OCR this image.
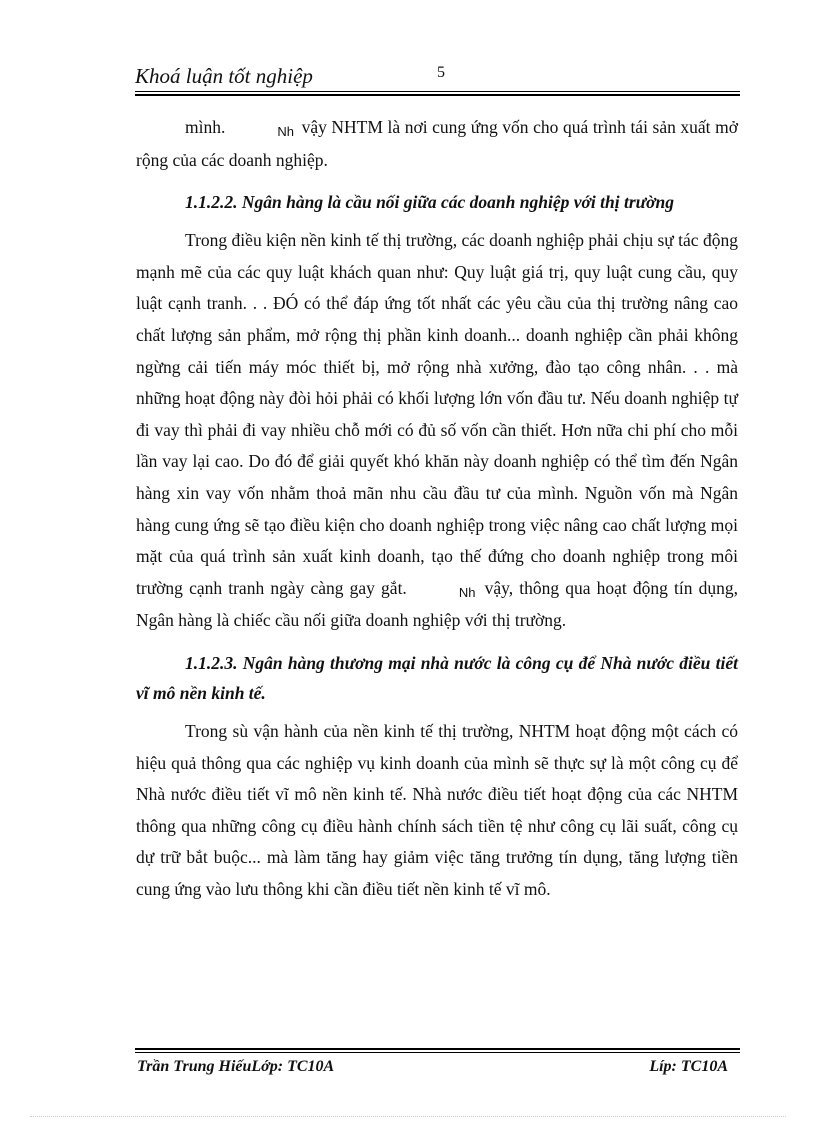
Khoá luận tốt nghiệp	5

mình.	Nh vậy NHTM là nơi cung ứng vốn cho quá trình tái sản xuất mở rộng của các doanh nghiệp.

1.1.2.2. Ngân hàng là cầu nối giữa các doanh nghiệp với thị trường

Trong điều kiện nền kinh tế thị trường, các doanh nghiệp phải chịu sự tác động mạnh mẽ của các quy luật khách quan như: Quy luật giá trị, quy luật cung cầu, quy luật cạnh tranh. . . ĐÓ có thể đáp ứng tốt nhất các yêu cầu của thị trường nâng cao chất lượng sản phẩm, mở rộng thị phần kinh doanh... doanh nghiệp cần phải không ngừng cải tiến máy móc thiết bị, mở rộng nhà xưởng, đào tạo công nhân. . . mà những hoạt động này đòi hỏi phải có khối lượng lớn vốn đầu tư. Nếu doanh nghiệp tự đi vay thì phải đi vay nhiều chỗ mới có đủ số vốn cần thiết. Hơn nữa chi phí cho mỗi lần vay lại cao. Do đó để giải quyết khó khăn này doanh nghiệp có thể tìm đến Ngân hàng xin vay vốn nhằm thoả mãn nhu cầu đầu tư của mình. Nguồn vốn mà Ngân hàng cung ứng sẽ tạo điều kiện cho doanh nghiệp trong việc nâng cao chất lượng mọi mặt của quá trình sản xuất kinh doanh, tạo thế đứng cho doanh nghiệp trong môi trường cạnh tranh ngày càng gay gắt.	Nh vậy, thông qua hoạt động tín dụng, Ngân hàng là chiếc cầu nối giữa doanh nghiệp với thị trường.

1.1.2.3. Ngân hàng thương mại nhà nước là công cụ để Nhà nước điều tiết vĩ mô nền kinh tế.

Trong sù vận hành của nền kinh tế thị trường, NHTM hoạt động một cách có hiệu quả thông qua các nghiệp vụ kinh doanh của mình sẽ thực sự là một công cụ để Nhà nước điều tiết vĩ mô nền kinh tế. Nhà nước điều tiết hoạt động của các NHTM thông qua những công cụ điều hành chính sách tiền tệ như công cụ lãi suất, công cụ dự trữ bắt buộc... mà làm tăng hay giảm việc tăng trưởng tín dụng, tăng lượng tiền cung ứng vào lưu thông khi cần điều tiết nền kinh tế vĩ mô.

Trần Trung HiếuLớp: TC10A	Líp: TC10A
